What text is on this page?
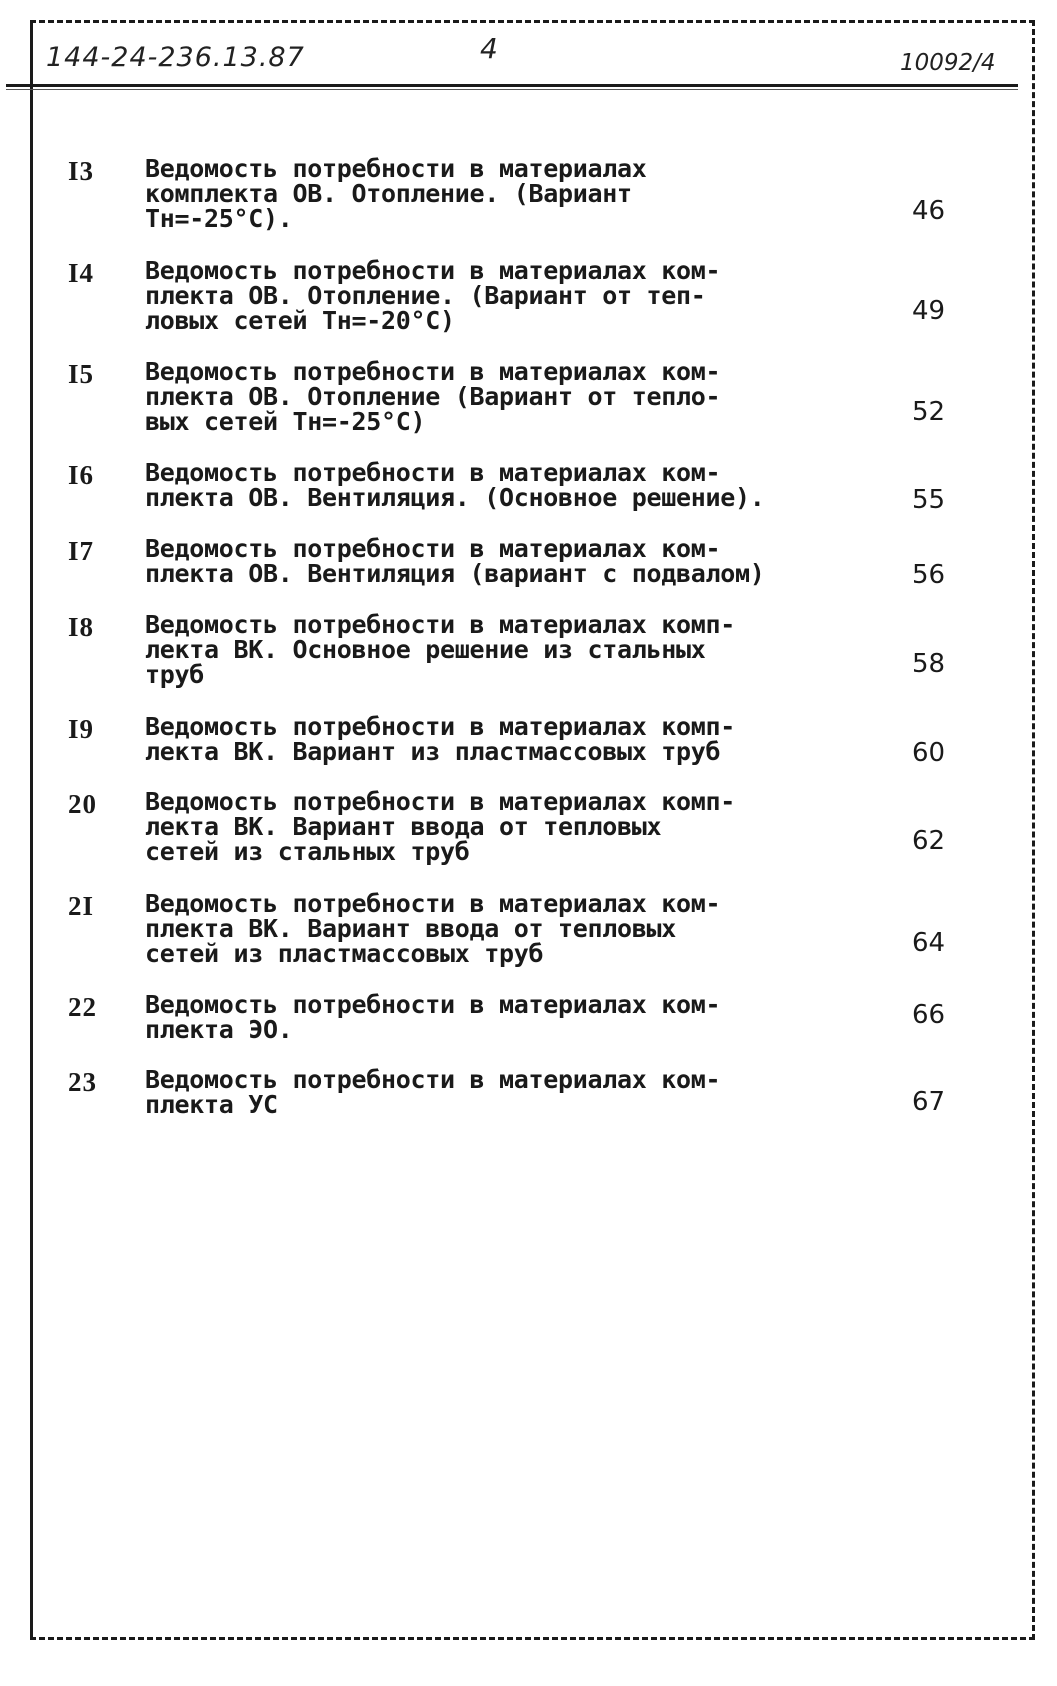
144-24-236.13.87	4	10092/4
I3 Ведомость потребности в материалах
комплекта ОВ. Отопление. (Вариант
Тн=-25°С).	46
I4 Ведомость потребности в материалах ком-
плекта ОВ. Отопление. (Вариант от теп-
ловых сетей Тн=-20°С)	49
I5 Ведомость потребности в материалах ком-
плекта ОВ. Отопление (Вариант от тепло-
вых сетей Тн=-25°С)	52
I6 Ведомость потребности в материалах ком-
плекта ОВ. Вентиляция. (Основное решение).	55
I7 Ведомость потребности в материалах ком-
плекта ОВ. Вентиляция (вариант с подвалом)	56
I8 Ведомость потребности в материалах комп-
лекта ВК. Основное решение из стальных
труб	58
I9 Ведомость потребности в материалах комп-
лекта ВК. Вариант из пластмассовых труб	60
20 Ведомость потребности в материалах комп-
лекта ВК. Вариант ввода от тепловых
сетей из стальных труб	62
2I Ведомость потребности в материалах ком-
плекта ВК. Вариант ввода от тепловых
сетей из пластмассовых труб	64
22 Ведомость потребности в материалах ком-
плекта ЭО.	66
23 Ведомость потребности в материалах ком-
плекта УС	67
